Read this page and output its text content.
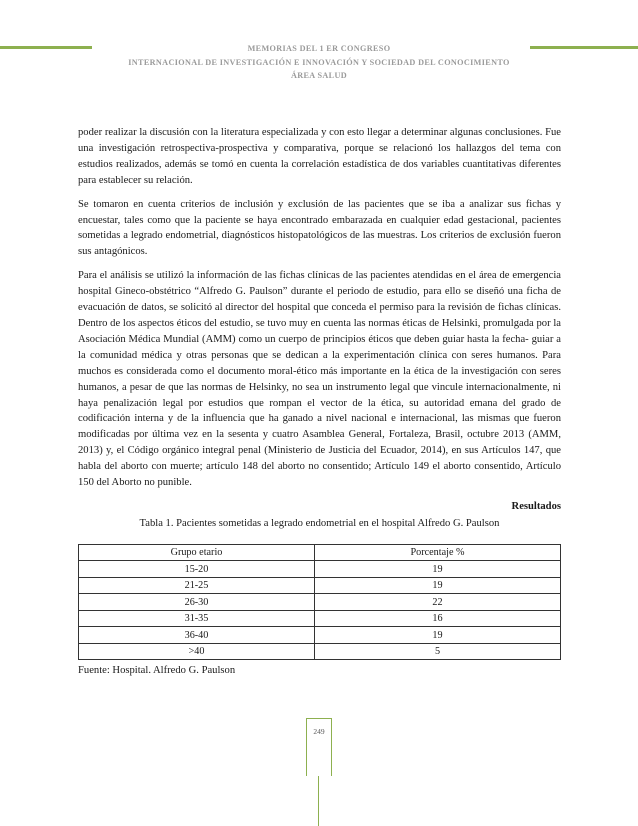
MEMORIAS DEL 1 ER CONGRESO
INTERNACIONAL DE INVESTIGACIÓN E INNOVACIÓN Y SOCIEDAD DEL CONOCIMIENTO
ÁREA SALUD

poder realizar la discusión con la literatura especializada y con esto llegar a determinar algunas conclusiones. Fue una investigación retrospectiva-prospectiva y comparativa, porque se relacionó los hallazgos del tema con estudios realizados, además se tomó en cuenta la correlación estadística de dos variables cuantitativas diferentes para establecer su relación.

Se tomaron en cuenta criterios de inclusión y exclusión de las pacientes que se iba a analizar sus fichas y encuestar, tales como que la paciente se haya encontrado embarazada en cualquier edad gestacional, pacientes sometidas a legrado endometrial, diagnósticos histopatológicos de las muestras. Los criterios de exclusión fueron sus antagónicos.

Para el análisis se utilizó la información de las fichas clínicas de las pacientes atendidas en el área de emergencia hospital Gineco-obstétrico “Alfredo G. Paulson” durante el periodo de estudio, para ello se diseñó una ficha de evacuación de datos, se solicitó al director del hospital que conceda el permiso para la revisión de fichas clínicas. Dentro de los aspectos éticos del estudio, se tuvo muy en cuenta las normas éticas de Helsinki, promulgada por la Asociación Médica Mundial (AMM) como un cuerpo de principios éticos que deben guiar hasta la fecha- guiar a la comunidad médica y otras personas que se dedican a la experimentación clínica con seres humanos. Para muchos es considerada como el documento moral-ético más importante en la ética de la investigación con seres humanos, a pesar de que las normas de Helsinky, no sea un instrumento legal que vincule internacionalmente, ni haya penalización legal por estudios que rompan el vector de la ética, su autoridad emana del grado de codificación interna y de la influencia que ha ganado a nivel nacional e internacional, las mismas que fueron modificadas por última vez en la sesenta y cuatro Asamblea General, Fortaleza, Brasil, octubre 2013 (AMM, 2013) y, el Código orgánico integral penal (Ministerio de Justicia del Ecuador, 2014), en sus Artículos 147, que habla del aborto con muerte; artículo 148 del aborto no consentido; Artículo 149 el aborto consentido, Artículo 150 del Aborto no punible.

Resultados

Tabla 1. Pacientes sometidas a legrado endometrial en el hospital Alfredo G. Paulson
Grupo etario	Porcentaje %
15-20	19
21-25	19
26-30	22
31-35	16
36-40	19
>40	5
Fuente: Hospital. Alfredo G. Paulson
249
